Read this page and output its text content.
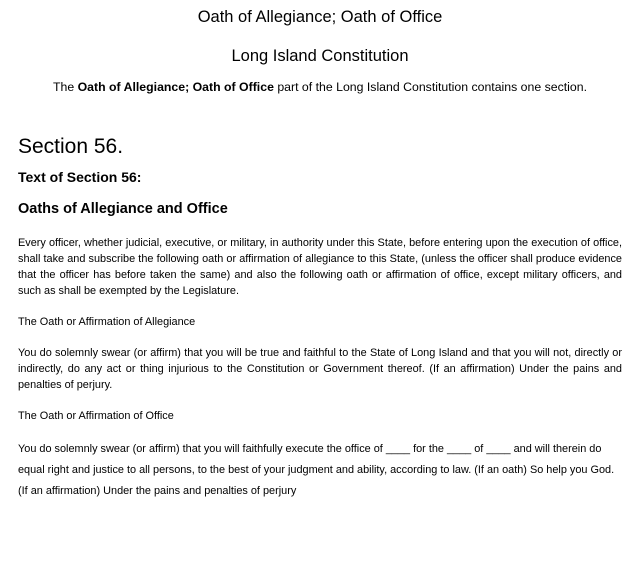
Oath of Allegiance; Oath of Office
Long Island Constitution

The Oath of Allegiance; Oath of Office part of the Long Island Constitution contains one section.

Section 56.
Text of Section 56:
Oaths of Allegiance and Office

Every officer, whether judicial, executive, or military, in authority under this State, before entering upon the execution of office, shall take and subscribe the following oath or affirmation of allegiance to this State, (unless the officer shall produce evidence that the officer has before taken the same) and also the following oath or affirmation of office, except military officers, and such as shall be exempted by the Legislature.

The Oath or Affirmation of Allegiance

You do solemnly swear (or affirm) that you will be true and faithful to the State of Long Island and that you will not, directly or indirectly, do any act or thing injurious to the Constitution or Government thereof. (If an affirmation) Under the pains and penalties of perjury.

The Oath or Affirmation of Office

You do solemnly swear (or affirm) that you will faithfully execute the office of ____ for the ____ of ____ and will therein do equal right and justice to all persons, to the best of your judgment and ability, according to law. (If an oath) So help you God. (If an affirmation) Under the pains and penalties of perjury
